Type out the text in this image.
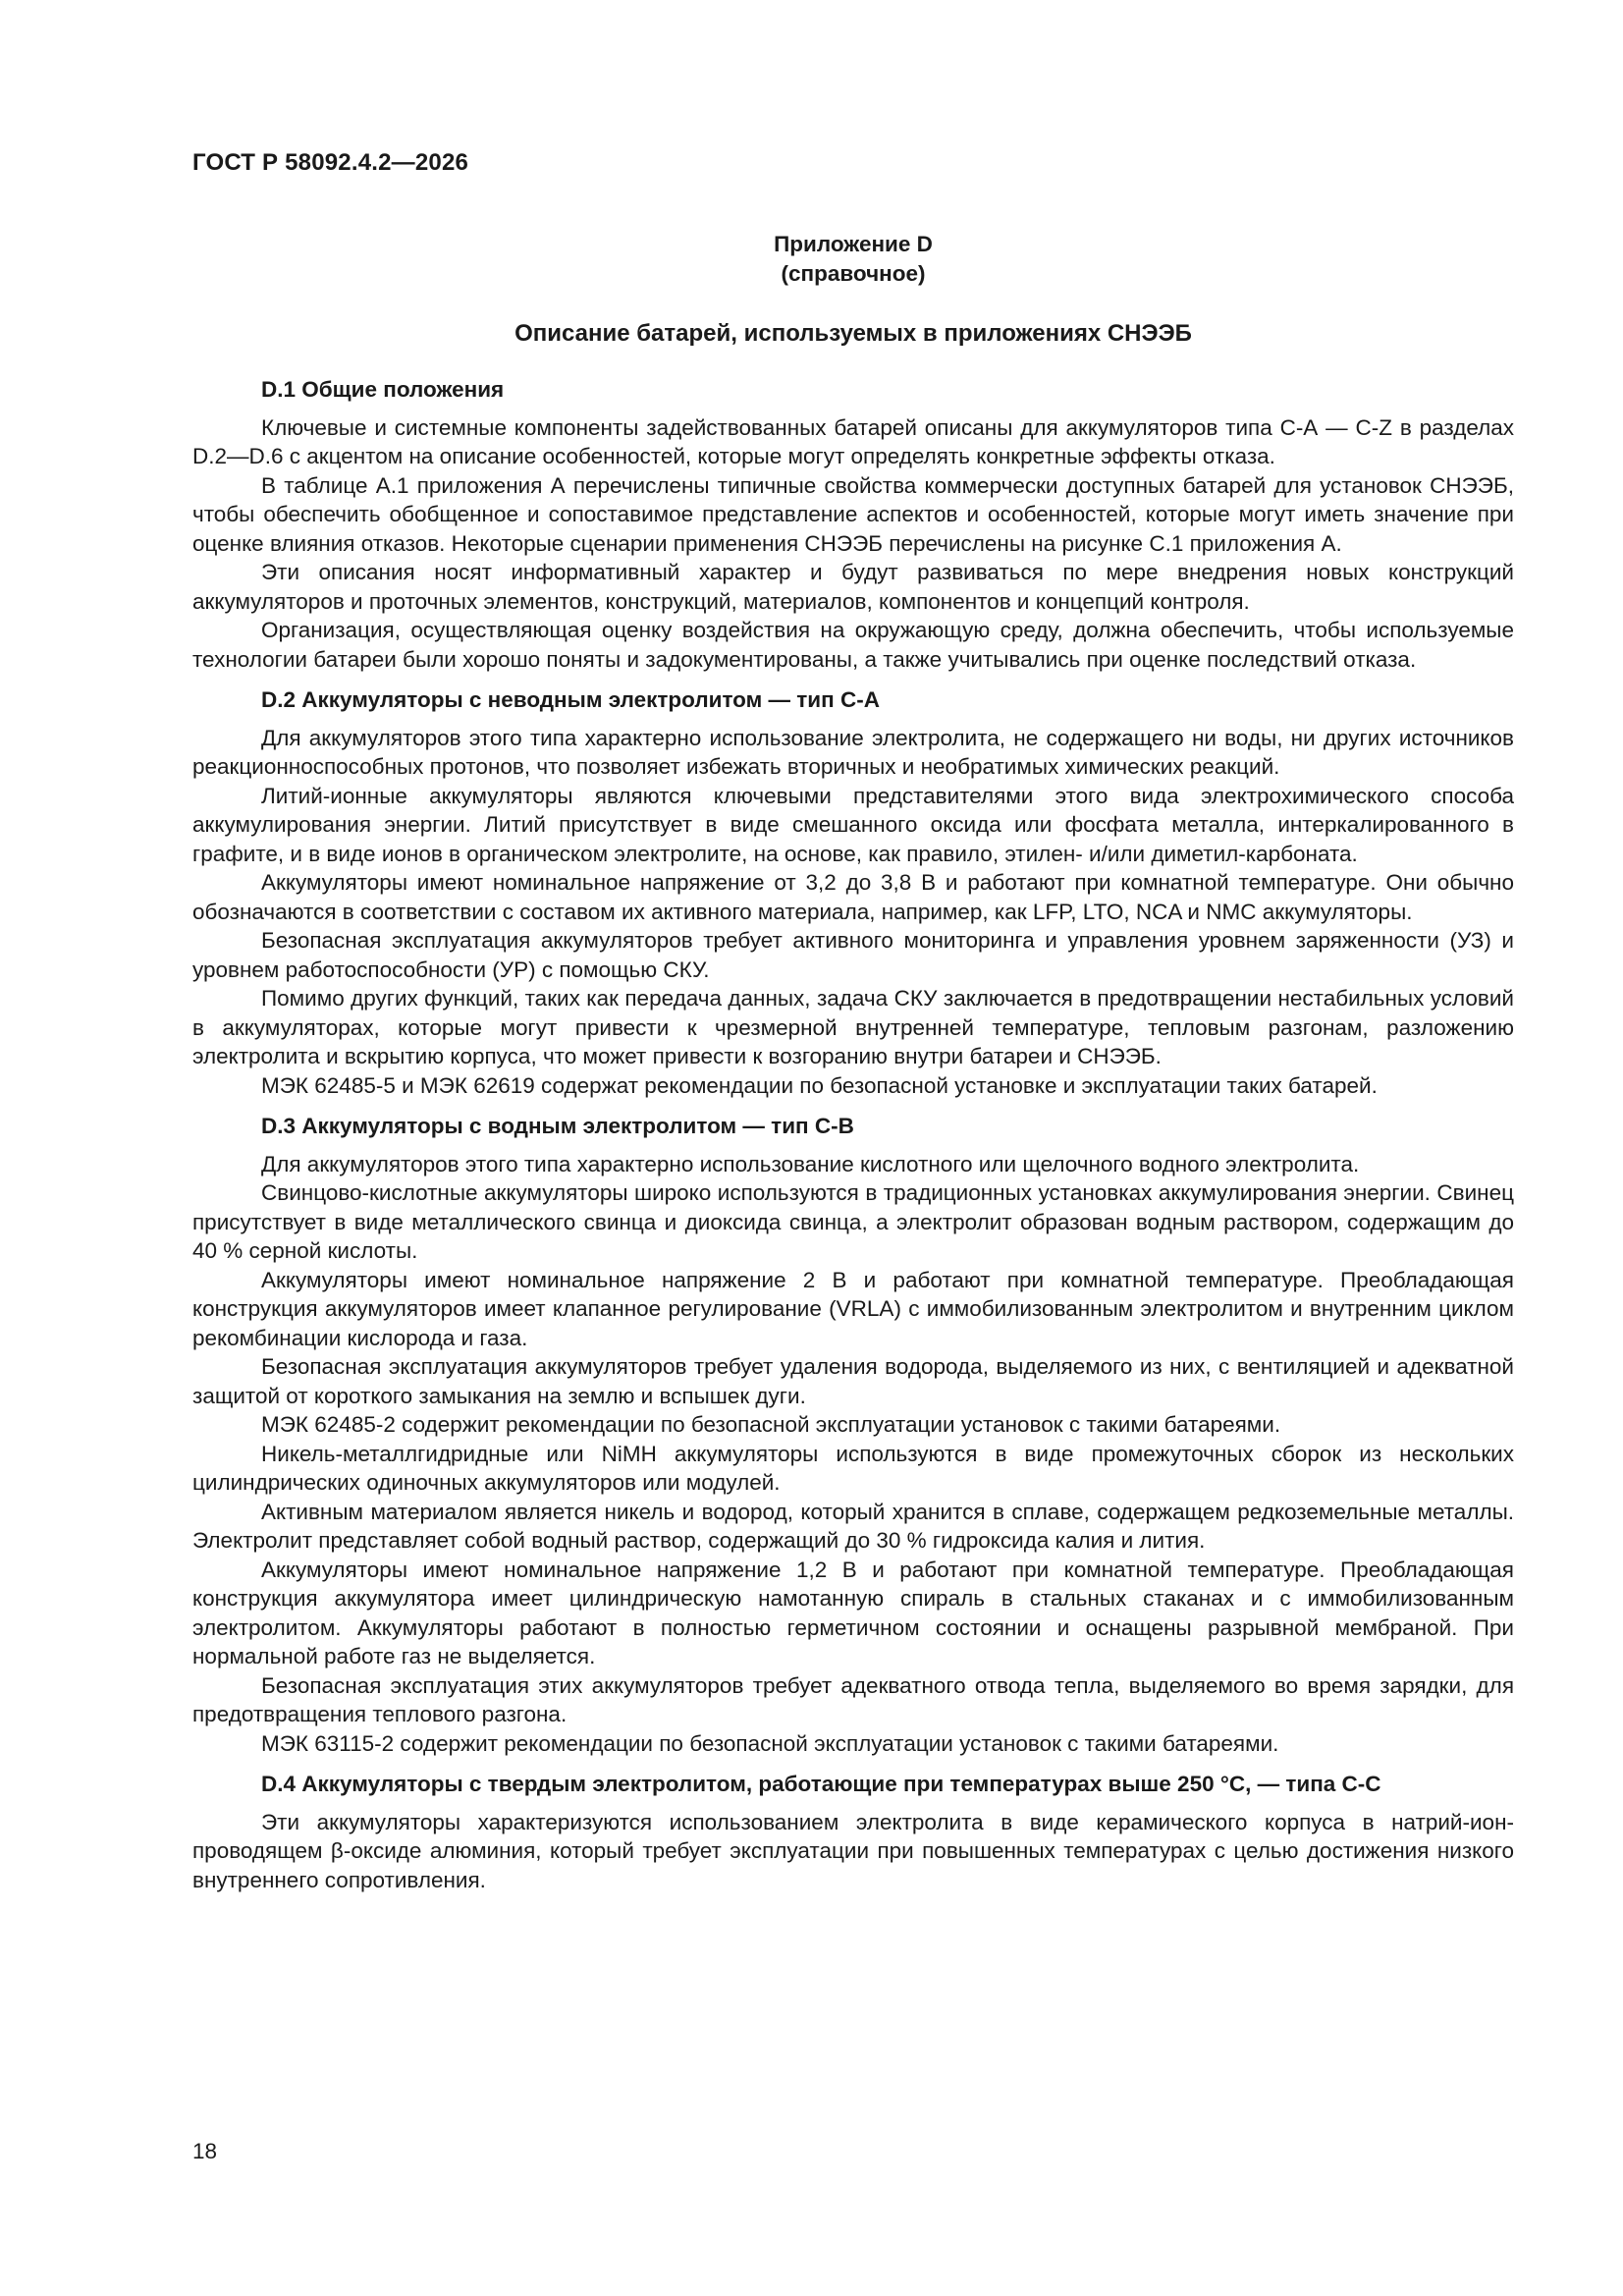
ГОСТ Р 58092.4.2—2026
Приложение D
(справочное)
Описание батарей, используемых в приложениях СНЭЭБ
D.1 Общие положения

Ключевые и системные компоненты задействованных батарей описаны для аккумуляторов типа С-А — C-Z в разделах D.2—D.6 с акцентом на описание особенностей, которые могут определять конкретные эффекты отказа.

В таблице А.1 приложения А перечислены типичные свойства коммерчески доступных батарей для установок СНЭЭБ, чтобы обеспечить обобщенное и сопоставимое представление аспектов и особенностей, которые могут иметь значение при оценке влияния отказов. Некоторые сценарии применения СНЭЭБ перечислены на рисунке С.1 приложения А.

Эти описания носят информативный характер и будут развиваться по мере внедрения новых конструкций аккумуляторов и проточных элементов, конструкций, материалов, компонентов и концепций контроля.

Организация, осуществляющая оценку воздействия на окружающую среду, должна обеспечить, чтобы используемые технологии батареи были хорошо поняты и задокументированы, а также учитывались при оценке последствий отказа.

D.2 Аккумуляторы с неводным электролитом — тип С-А

Для аккумуляторов этого типа характерно использование электролита, не содержащего ни воды, ни других источников реакционноспособных протонов, что позволяет избежать вторичных и необратимых химических реакций.

Литий-ионные аккумуляторы являются ключевыми представителями этого вида электрохимического способа аккумулирования энергии. Литий присутствует в виде смешанного оксида или фосфата металла, интеркалированного в графите, и в виде ионов в органическом электролите, на основе, как правило, этилен- и/или диметил-карбоната.

Аккумуляторы имеют номинальное напряжение от 3,2 до 3,8 В и работают при комнатной температуре. Они обычно обозначаются в соответствии с составом их активного материала, например, как LFP, LTO, NCA и NMC аккумуляторы.

Безопасная эксплуатация аккумуляторов требует активного мониторинга и управления уровнем заряженности (УЗ) и уровнем работоспособности (УР) с помощью СКУ.

Помимо других функций, таких как передача данных, задача СКУ заключается в предотвращении нестабильных условий в аккумуляторах, которые могут привести к чрезмерной внутренней температуре, тепловым разгонам, разложению электролита и вскрытию корпуса, что может привести к возгоранию внутри батареи и СНЭЭБ.

МЭК 62485-5 и МЭК 62619 содержат рекомендации по безопасной установке и эксплуатации таких батарей.

D.3 Аккумуляторы с водным электролитом — тип С-В

Для аккумуляторов этого типа характерно использование кислотного или щелочного водного электролита.

Свинцово-кислотные аккумуляторы широко используются в традиционных установках аккумулирования энергии. Свинец присутствует в виде металлического свинца и диоксида свинца, а электролит образован водным раствором, содержащим до 40 % серной кислоты.

Аккумуляторы имеют номинальное напряжение 2 В и работают при комнатной температуре. Преобладающая конструкция аккумуляторов имеет клапанное регулирование (VRLA) с иммобилизованным электролитом и внутренним циклом рекомбинации кислорода и газа.

Безопасная эксплуатация аккумуляторов требует удаления водорода, выделяемого из них, с вентиляцией и адекватной защитой от короткого замыкания на землю и вспышек дуги.

МЭК 62485-2 содержит рекомендации по безопасной эксплуатации установок с такими батареями.

Никель-металлгидридные или NiMH аккумуляторы используются в виде промежуточных сборок из нескольких цилиндрических одиночных аккумуляторов или модулей.

Активным материалом является никель и водород, который хранится в сплаве, содержащем редкоземельные металлы. Электролит представляет собой водный раствор, содержащий до 30 % гидроксида калия и лития.

Аккумуляторы имеют номинальное напряжение 1,2 В и работают при комнатной температуре. Преобладающая конструкция аккумулятора имеет цилиндрическую намотанную спираль в стальных стаканах и с иммобилизованным электролитом. Аккумуляторы работают в полностью герметичном состоянии и оснащены разрывной мембраной. При нормальной работе газ не выделяется.

Безопасная эксплуатация этих аккумуляторов требует адекватного отвода тепла, выделяемого во время зарядки, для предотвращения теплового разгона.

МЭК 63115-2 содержит рекомендации по безопасной эксплуатации установок с такими батареями.

D.4 Аккумуляторы с твердым электролитом, работающие при температурах выше 250 °С, — типа С-С

Эти аккумуляторы характеризуются использованием электролита в виде керамического корпуса в натрий-ион-проводящем β-оксиде алюминия, который требует эксплуатации при повышенных температурах с целью достижения низкого внутреннего сопротивления.

18
